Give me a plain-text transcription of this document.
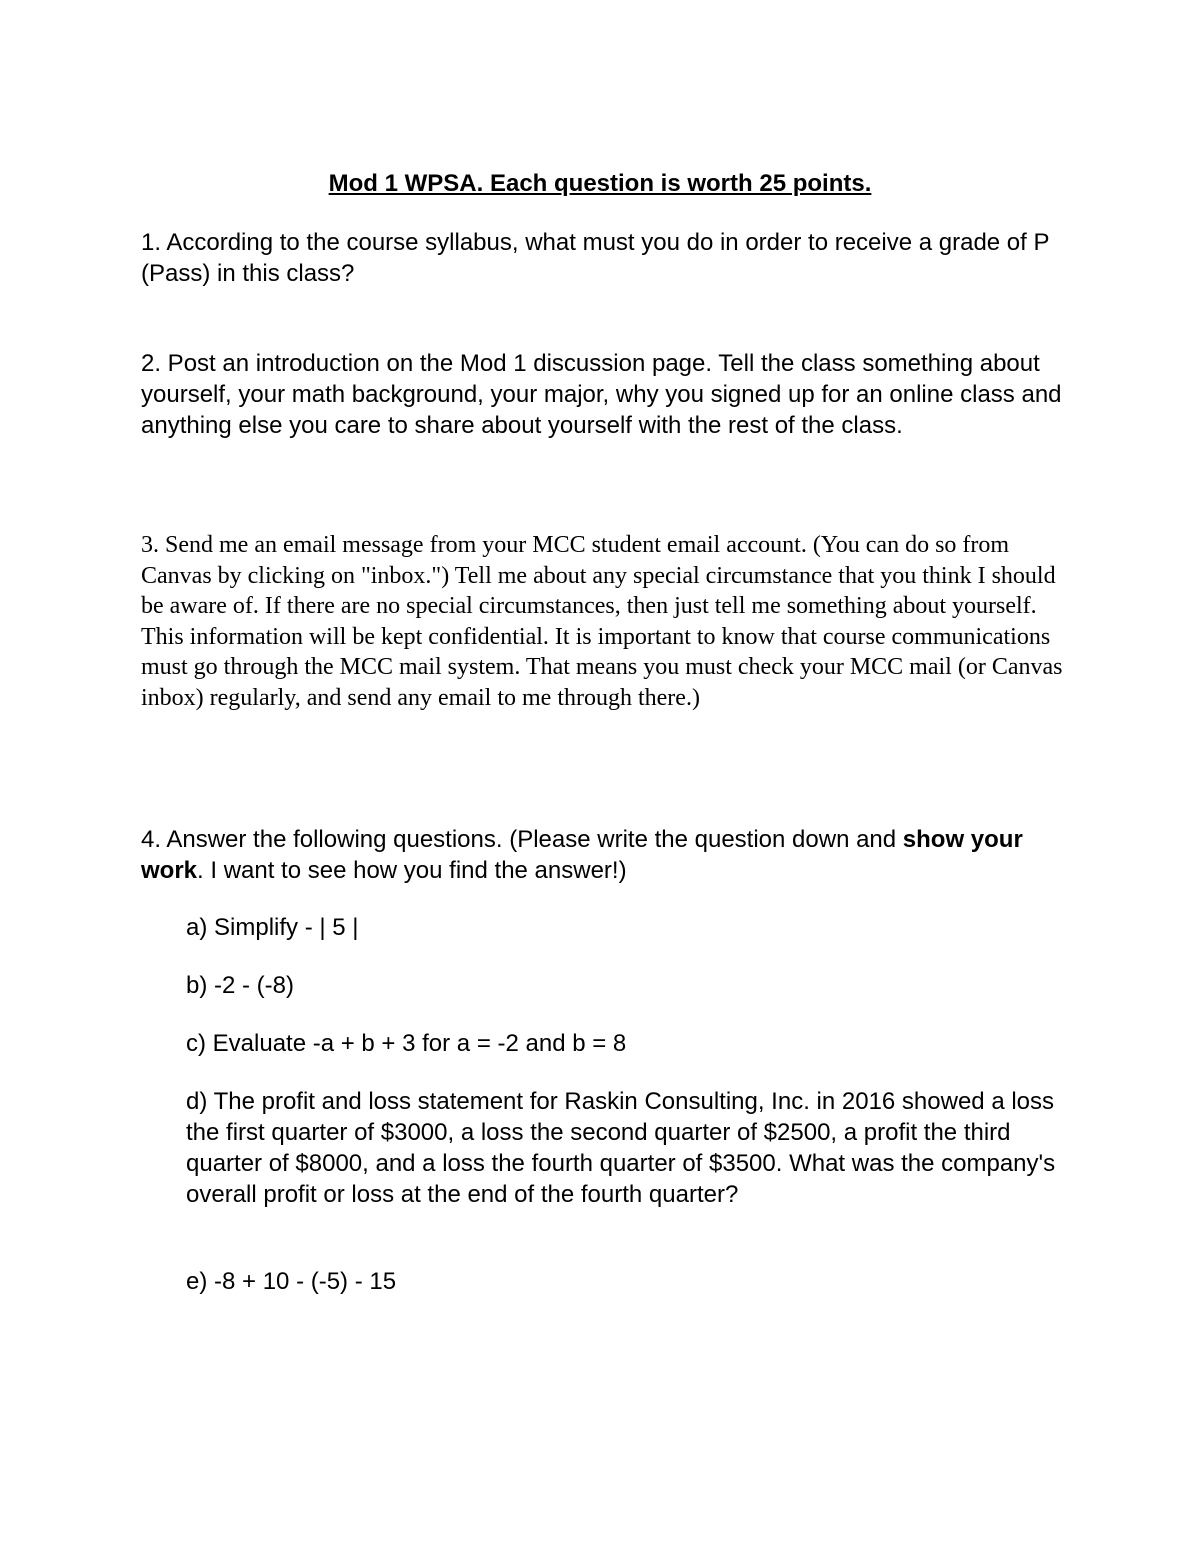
Mod 1 WPSA. Each question is worth 25 points.

1. According to the course syllabus, what must you do in order to receive a grade of P (Pass) in this class?

2. Post an introduction on the Mod 1 discussion page. Tell the class something about yourself, your math background, your major, why you signed up for an online class and anything else you care to share about yourself with the rest of the class.

3. Send me an email message from your MCC student email account. (You can do so from Canvas by clicking on "inbox.") Tell me about any special circumstance that you think I should be aware of. If there are no special circumstances, then just tell me something about yourself. This information will be kept confidential. It is important to know that course communications must go through the MCC mail system. That means you must check your MCC mail (or Canvas inbox) regularly, and send any email to me through there.)

4. Answer the following questions. (Please write the question down and show your work. I want to see how you find the answer!)

a) Simplify - | 5 |

b) -2 - (-8)

c) Evaluate -a + b + 3 for a = -2 and b = 8

d) The profit and loss statement for Raskin Consulting, Inc. in 2016 showed a loss the first quarter of $3000, a loss the second quarter of $2500, a profit the third quarter of $8000, and a loss the fourth quarter of $3500. What was the company's overall profit or loss at the end of the fourth quarter?

e) -8 + 10 - (-5) - 15
